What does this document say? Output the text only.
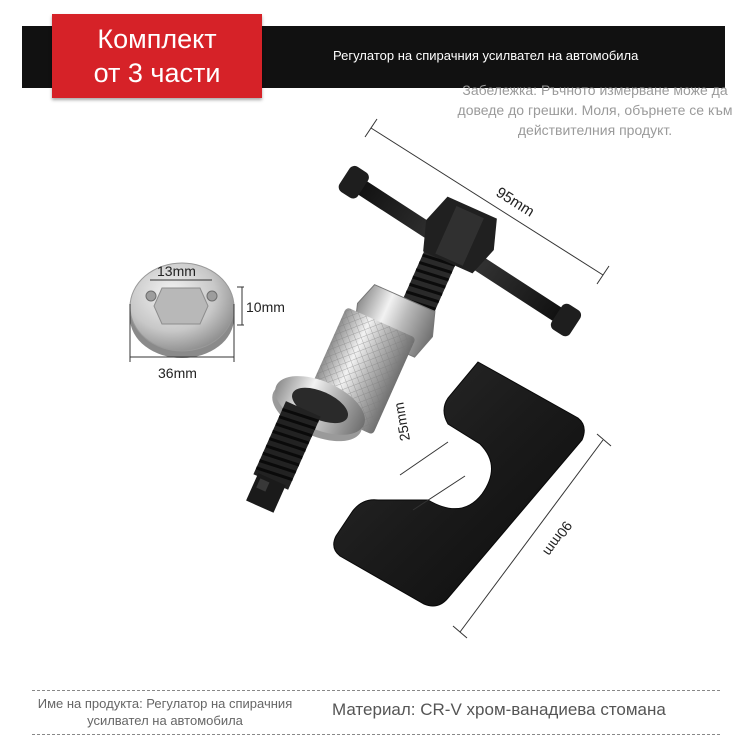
Комплект
от 3 части
Регулатор на спирачния усилвател на автомобила
Забележка: Ръчното измерване може да доведе до грешки. Моля, обърнете се към действителния продукт.
95mm
13mm
10mm
36mm
25mm
90mm
Име на продукта: Регулатор на спирачния усилвател на автомобила
Материал: CR-V хром-ванадиева стомана
